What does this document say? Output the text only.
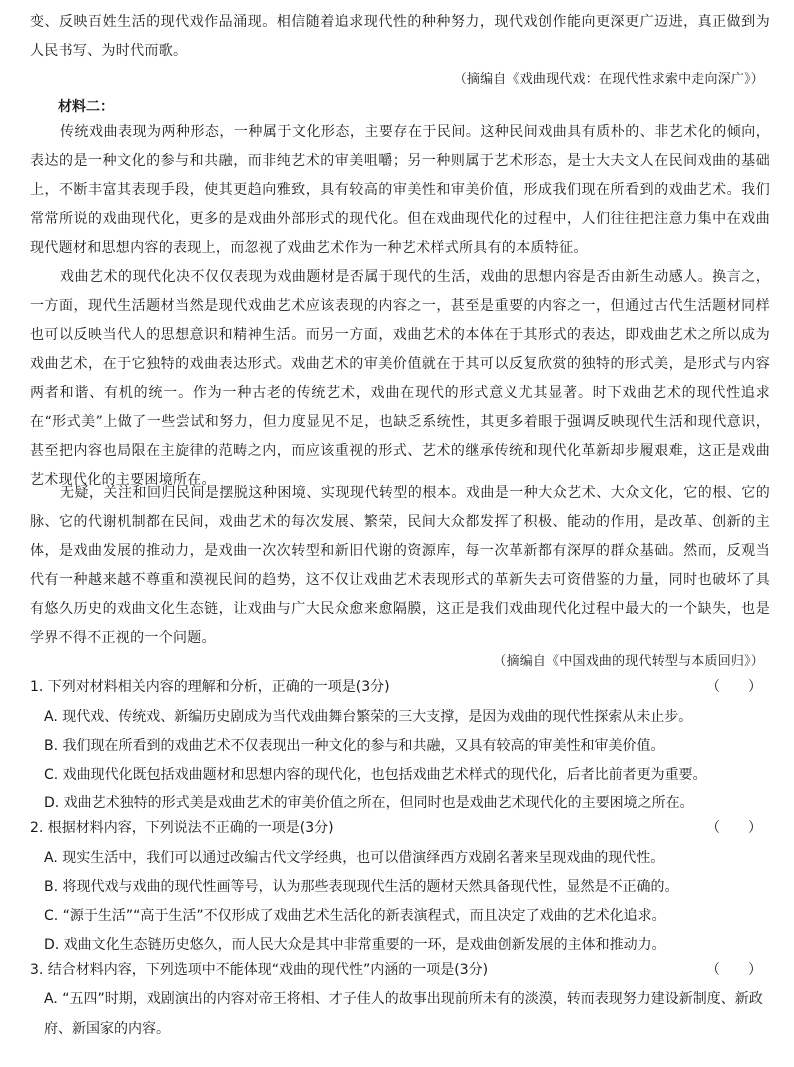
变、反映百姓生活的现代戏作品涌现。相信随着追求现代性的种种努力，现代戏创作能向更深更广迈进，真正做到为人民书写、为时代而歌。
（摘编自《戏曲现代戏：在现代性求索中走向深广》）
材料二：
传统戏曲表现为两种形态，一种属于文化形态，主要存在于民间。这种民间戏曲具有质朴的、非艺术化的倾向，表达的是一种文化的参与和共融，而非纯艺术的审美咀嚼；另一种则属于艺术形态，是士大夫文人在民间戏曲的基础上，不断丰富其表现手段，使其更趋向雅致，具有较高的审美性和审美价值，形成我们现在所看到的戏曲艺术。我们常常所说的戏曲现代化，更多的是戏曲外部形式的现代化。但在戏曲现代化的过程中，人们往往把注意力集中在戏曲现代题材和思想内容的表现上，而忽视了戏曲艺术作为一种艺术样式所具有的本质特征。
戏曲艺术的现代化决不仅仅表现为戏曲题材是否属于现代的生活，戏曲的思想内容是否由新生动感人。换言之，一方面，现代生活题材当然是现代戏曲艺术应该表现的内容之一，甚至是重要的内容之一，但通过古代生活题材同样也可以反映当代人的思想意识和精神生活。而另一方面，戏曲艺术的本体在于其形式的表达，即戏曲艺术之所以成为戏曲艺术，在于它独特的戏曲表达形式。戏曲艺术的审美价值就在于其可以反复欣赏的独特的形式美，是形式与内容两者和谐、有机的统一。作为一种古老的传统艺术，戏曲在现代的形式意义尤其显著。时下戏曲艺术的现代性追求在“形式美”上做了一些尝试和努力，但力度显见不足，也缺乏系统性，其更多着眼于强调反映现代生活和现代意识，甚至把内容也局限在主旋律的范畴之内，而应该重视的形式、艺术的继承传统和现代化革新却步履艰难，这正是戏曲艺术现代化的主要困境所在。
无疑，关注和回归民间是摆脱这种困境、实现现代转型的根本。戏曲是一种大众艺术、大众文化，它的根、它的脉、它的代谢机制都在民间，戏曲艺术的每次发展、繁荣，民间大众都发挥了积极、能动的作用，是改革、创新的主体，是戏曲发展的推动力，是戏曲一次次转型和新旧代谢的资源库，每一次革新都有深厚的群众基础。然而，反观当代有一种越来越不尊重和漠视民间的趋势，这不仅让戏曲艺术表现形式的革新失去可资借鉴的力量，同时也破坏了具有悠久历史的戏曲文化生态链，让戏曲与广大民众愈来愈隔膜，这正是我们戏曲现代化过程中最大的一个缺失，也是学界不得不正视的一个问题。
（摘编自《中国戏曲的现代转型与本质回归》）
1. 下列对材料相关内容的理解和分析，正确的一项是(3分)	（　　）
A. 现代戏、传统戏、新编历史剧成为当代戏曲舞台繁荣的三大支撑，是因为戏曲的现代性探索从未止步。
B. 我们现在所看到的戏曲艺术不仅表现出一种文化的参与和共融，又具有较高的审美性和审美价值。
C. 戏曲现代化既包括戏曲题材和思想内容的现代化，也包括戏曲艺术样式的现代化，后者比前者更为重要。
D. 戏曲艺术独特的形式美是戏曲艺术的审美价值之所在，但同时也是戏曲艺术现代化的主要困境之所在。
2. 根据材料内容，下列说法不正确的一项是(3分)	（　　）
A. 现实生活中，我们可以通过改编古代文学经典，也可以借演绎西方戏剧名著来呈现戏曲的现代性。
B. 将现代戏与戏曲的现代性画等号，认为那些表现现代生活的题材天然具备现代性，显然是不正确的。
C. “源于生活”“高于生活”不仅形成了戏曲艺术生活化的新表演程式，而且决定了戏曲的艺术化追求。
D. 戏曲文化生态链历史悠久，而人民大众是其中非常重要的一环，是戏曲创新发展的主体和推动力。
3. 结合材料内容，下列选项中不能体现“戏曲的现代性”内涵的一项是(3分)	（　　）
A. “五四”时期，戏剧演出的内容对帝王将相、才子佳人的故事出现前所未有的淡漠，转而表现努力建设新制度、新政府、新国家的内容。
